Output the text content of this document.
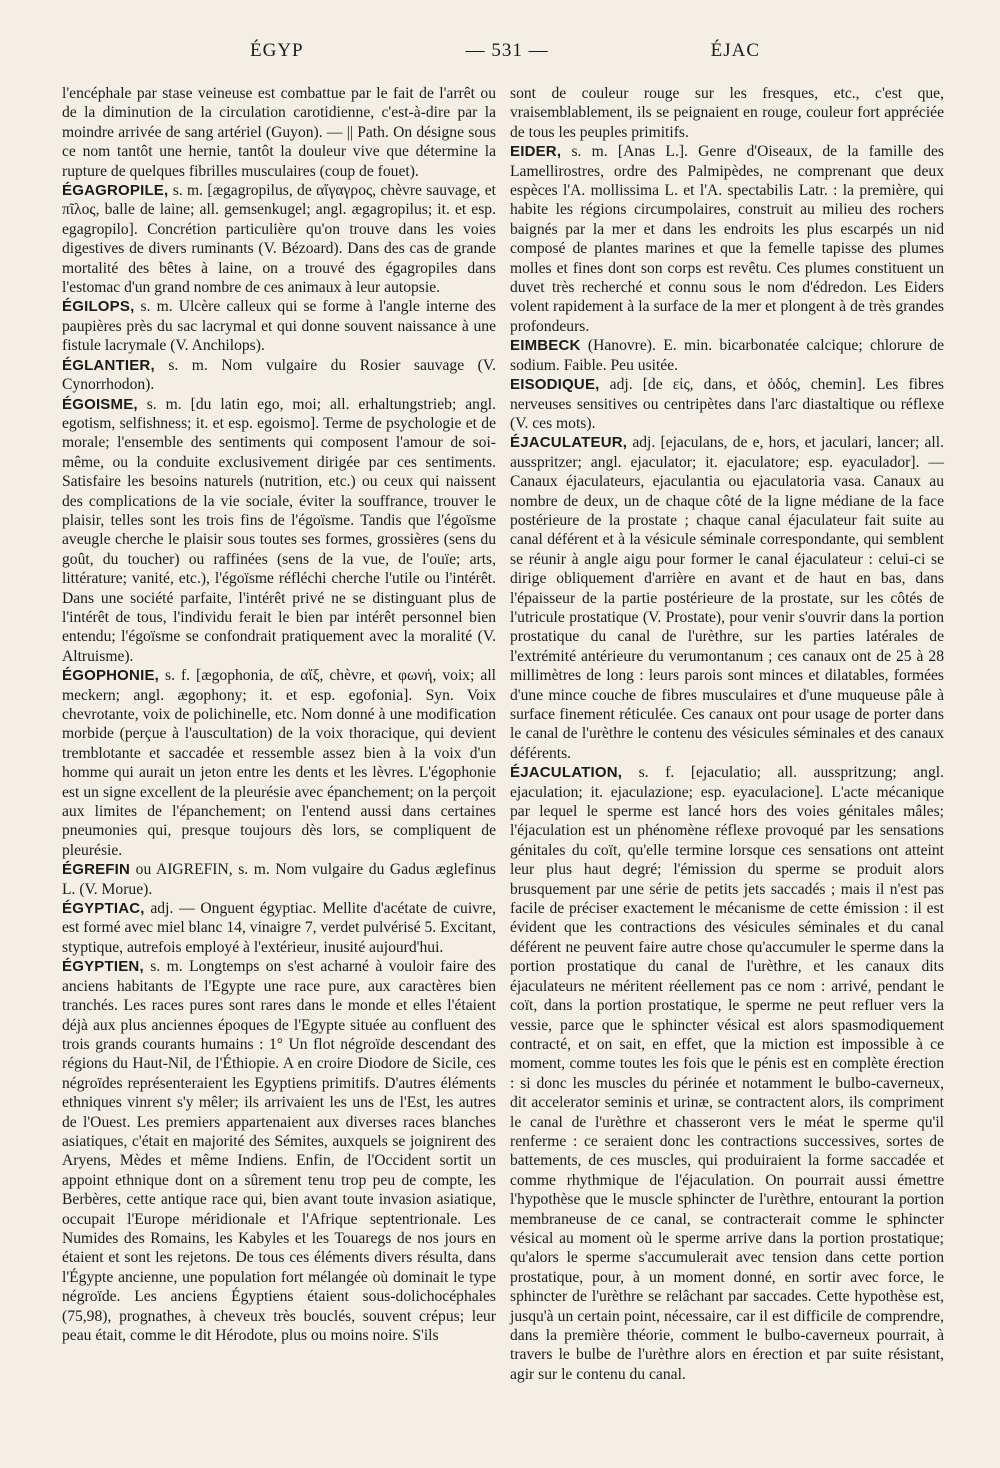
ÉGYP	— 531 —	ÉJAC

l'encéphale par stase veineuse est combattue par le fait de l'arrêt ou de la diminution de la circulation carotidienne, c'est-à-dire par la moindre arrivée de sang artériel (Guyon). — || Path. On désigne sous ce nom tantôt une hernie, tantôt la douleur vive que détermine la rupture de quelques fibrilles musculaires (coup de fouet).

ÉGAGROPILE, s. m. [ægagropilus, de αἴγαγρος, chèvre sauvage, et πῖλος, balle de laine; all. gemsenkugel; angl. ægagropilus; it. et esp. egagropilo]. Concrétion particulière qu'on trouve dans les voies digestives de divers ruminants (V. Bézoard). Dans des cas de grande mortalité des bêtes à laine, on a trouvé des égagropiles dans l'estomac d'un grand nombre de ces animaux à leur autopsie.

ÉGILOPS, s. m. Ulcère calleux qui se forme à l'angle interne des paupières près du sac lacrymal et qui donne souvent naissance à une fistule lacrymale (V. Anchilops).

ÉGLANTIER, s. m. Nom vulgaire du Rosier sauvage (V. Cynorrhodon).

ÉGOISME, s. m. [du latin ego, moi; all. erhaltungstrieb; angl. egotism, selfishness; it. et esp. egoismo]. Terme de psychologie et de morale; l'ensemble des sentiments qui composent l'amour de soi-même, ou la conduite exclusivement dirigée par ces sentiments. Satisfaire les besoins naturels (nutrition, etc.) ou ceux qui naissent des complications de la vie sociale, éviter la souffrance, trouver le plaisir, telles sont les trois fins de l'égoïsme. Tandis que l'égoïsme aveugle cherche le plaisir sous toutes ses formes, grossières (sens du goût, du toucher) ou raffinées (sens de la vue, de l'ouïe; arts, littérature; vanité, etc.), l'égoïsme réfléchi cherche l'utile ou l'intérêt. Dans une société parfaite, l'intérêt privé ne se distinguant plus de l'intérêt de tous, l'individu ferait le bien par intérêt personnel bien entendu; l'égoïsme se confondrait pratiquement avec la moralité (V. Altruisme).

ÉGOPHONIE, s. f. [ægophonia, de αἴξ, chèvre, et φωνή, voix; all meckern; angl. ægophony; it. et esp. egofonia]. Syn. Voix chevrotante, voix de polichinelle, etc. Nom donné à une modification morbide (perçue à l'auscultation) de la voix thoracique, qui devient tremblotante et saccadée et ressemble assez bien à la voix d'un homme qui aurait un jeton entre les dents et les lèvres. L'égophonie est un signe excellent de la pleurésie avec épanchement; on la perçoit aux limites de l'épanchement; on l'entend aussi dans certaines pneumonies qui, presque toujours dès lors, se compliquent de pleurésie.

ÉGREFIN ou AIGREFIN, s. m. Nom vulgaire du Gadus æglefinus L. (V. Morue).

ÉGYPTIAC, adj. — Onguent égyptiac. Mellite d'acétate de cuivre, est formé avec miel blanc 14, vinaigre 7, verdet pulvérisé 5. Excitant, styptique, autrefois employé à l'extérieur, inusité aujourd'hui.

ÉGYPTIEN, s. m. Longtemps on s'est acharné à vouloir faire des anciens habitants de l'Egypte une race pure, aux caractères bien tranchés. Les races pures sont rares dans le monde et elles l'étaient déjà aux plus anciennes époques de l'Egypte située au confluent des trois grands courants humains : 1° Un flot négroïde descendant des régions du Haut-Nil, de l'Éthiopie. A en croire Diodore de Sicile, ces négroïdes représenteraient les Egyptiens primitifs. D'autres éléments ethniques vinrent s'y mêler; ils arrivaient les uns de l'Est, les autres de l'Ouest. Les premiers appartenaient aux diverses races blanches asiatiques, c'était en majorité des Sémites, auxquels se joignirent des Aryens, Mèdes et même Indiens. Enfin, de l'Occident sortit un appoint ethnique dont on a sûrement tenu trop peu de compte, les Berbères, cette antique race qui, bien avant toute invasion asiatique, occupait l'Europe méridionale et l'Afrique septentrionale. Les Numides des Romains, les Kabyles et les Touaregs de nos jours en étaient et sont les rejetons. De tous ces éléments divers résulta, dans l'Égypte ancienne, une population fort mélangée où dominait le type négroïde. Les anciens Égyptiens étaient sous-dolichocéphales (75,98), prognathes, à cheveux très bouclés, souvent crépus; leur peau était, comme le dit Hérodote, plus ou moins noire. S'ils

sont de couleur rouge sur les fresques, etc., c'est que, vraisemblablement, ils se peignaient en rouge, couleur fort appréciée de tous les peuples primitifs.

EIDER, s. m. [Anas L.]. Genre d'Oiseaux, de la famille des Lamellirostres, ordre des Palmipèdes, ne comprenant que deux espèces l'A. mollissima L. et l'A. spectabilis Latr. : la première, qui habite les régions circumpolaires, construit au milieu des rochers baignés par la mer et dans les endroits les plus escarpés un nid composé de plantes marines et que la femelle tapisse des plumes molles et fines dont son corps est revêtu. Ces plumes constituent un duvet très recherché et connu sous le nom d'édredon. Les Eiders volent rapidement à la surface de la mer et plongent à de très grandes profondeurs.

EIMBECK (Hanovre). E. min. bicarbonatée calcique; chlorure de sodium. Faible. Peu usitée.

EISODIQUE, adj. [de εἰς, dans, et ὁδός, chemin]. Les fibres nerveuses sensitives ou centripètes dans l'arc diastaltique ou réflexe (V. ces mots).

ÉJACULATEUR, adj. [ejaculans, de e, hors, et jaculari, lancer; all. ausspritzer; angl. ejaculator; it. ejaculatore; esp. eyaculador]. — Canaux éjaculateurs, ejaculantia ou ejaculatoria vasa. Canaux au nombre de deux, un de chaque côté de la ligne médiane de la face postérieure de la prostate ; chaque canal éjaculateur fait suite au canal déférent et à la vésicule séminale correspondante, qui semblent se réunir à angle aigu pour former le canal éjaculateur : celui-ci se dirige obliquement d'arrière en avant et de haut en bas, dans l'épaisseur de la partie postérieure de la prostate, sur les côtés de l'utricule prostatique (V. Prostate), pour venir s'ouvrir dans la portion prostatique du canal de l'urèthre, sur les parties latérales de l'extrémité antérieure du verumontanum ; ces canaux ont de 25 à 28 millimètres de long : leurs parois sont minces et dilatables, formées d'une mince couche de fibres musculaires et d'une muqueuse pâle à surface finement réticulée. Ces canaux ont pour usage de porter dans le canal de l'urèthre le contenu des vésicules séminales et des canaux déférents.

ÉJACULATION, s. f. [ejaculatio; all. ausspritzung; angl. ejaculation; it. ejaculazione; esp. eyaculacione]. L'acte mécanique par lequel le sperme est lancé hors des voies génitales mâles; l'éjaculation est un phénomène réflexe provoqué par les sensations génitales du coït, qu'elle termine lorsque ces sensations ont atteint leur plus haut degré; l'émission du sperme se produit alors brusquement par une série de petits jets saccadés ; mais il n'est pas facile de préciser exactement le mécanisme de cette émission : il est évident que les contractions des vésicules séminales et du canal déférent ne peuvent faire autre chose qu'accumuler le sperme dans la portion prostatique du canal de l'urèthre, et les canaux dits éjaculateurs ne méritent réellement pas ce nom : arrivé, pendant le coït, dans la portion prostatique, le sperme ne peut refluer vers la vessie, parce que le sphincter vésical est alors spasmodiquement contracté, et on sait, en effet, que la miction est impossible à ce moment, comme toutes les fois que le pénis est en complète érection : si donc les muscles du périnée et notamment le bulbo-caverneux, dit accelerator seminis et urinæ, se contractent alors, ils compriment le canal de l'urèthre et chasseront vers le méat le sperme qu'il renferme : ce seraient donc les contractions successives, sortes de battements, de ces muscles, qui produiraient la forme saccadée et comme rhythmique de l'éjaculation. On pourrait aussi émettre l'hypothèse que le muscle sphincter de l'urèthre, entourant la portion membraneuse de ce canal, se contracterait comme le sphincter vésical au moment où le sperme arrive dans la portion prostatique; qu'alors le sperme s'accumulerait avec tension dans cette portion prostatique, pour, à un moment donné, en sortir avec force, le sphincter de l'urèthre se relâchant par saccades. Cette hypothèse est, jusqu'à un certain point, nécessaire, car il est difficile de comprendre, dans la première théorie, comment le bulbo-caverneux pourrait, à travers le bulbe de l'urèthre alors en érection et par suite résistant, agir sur le contenu du canal.
